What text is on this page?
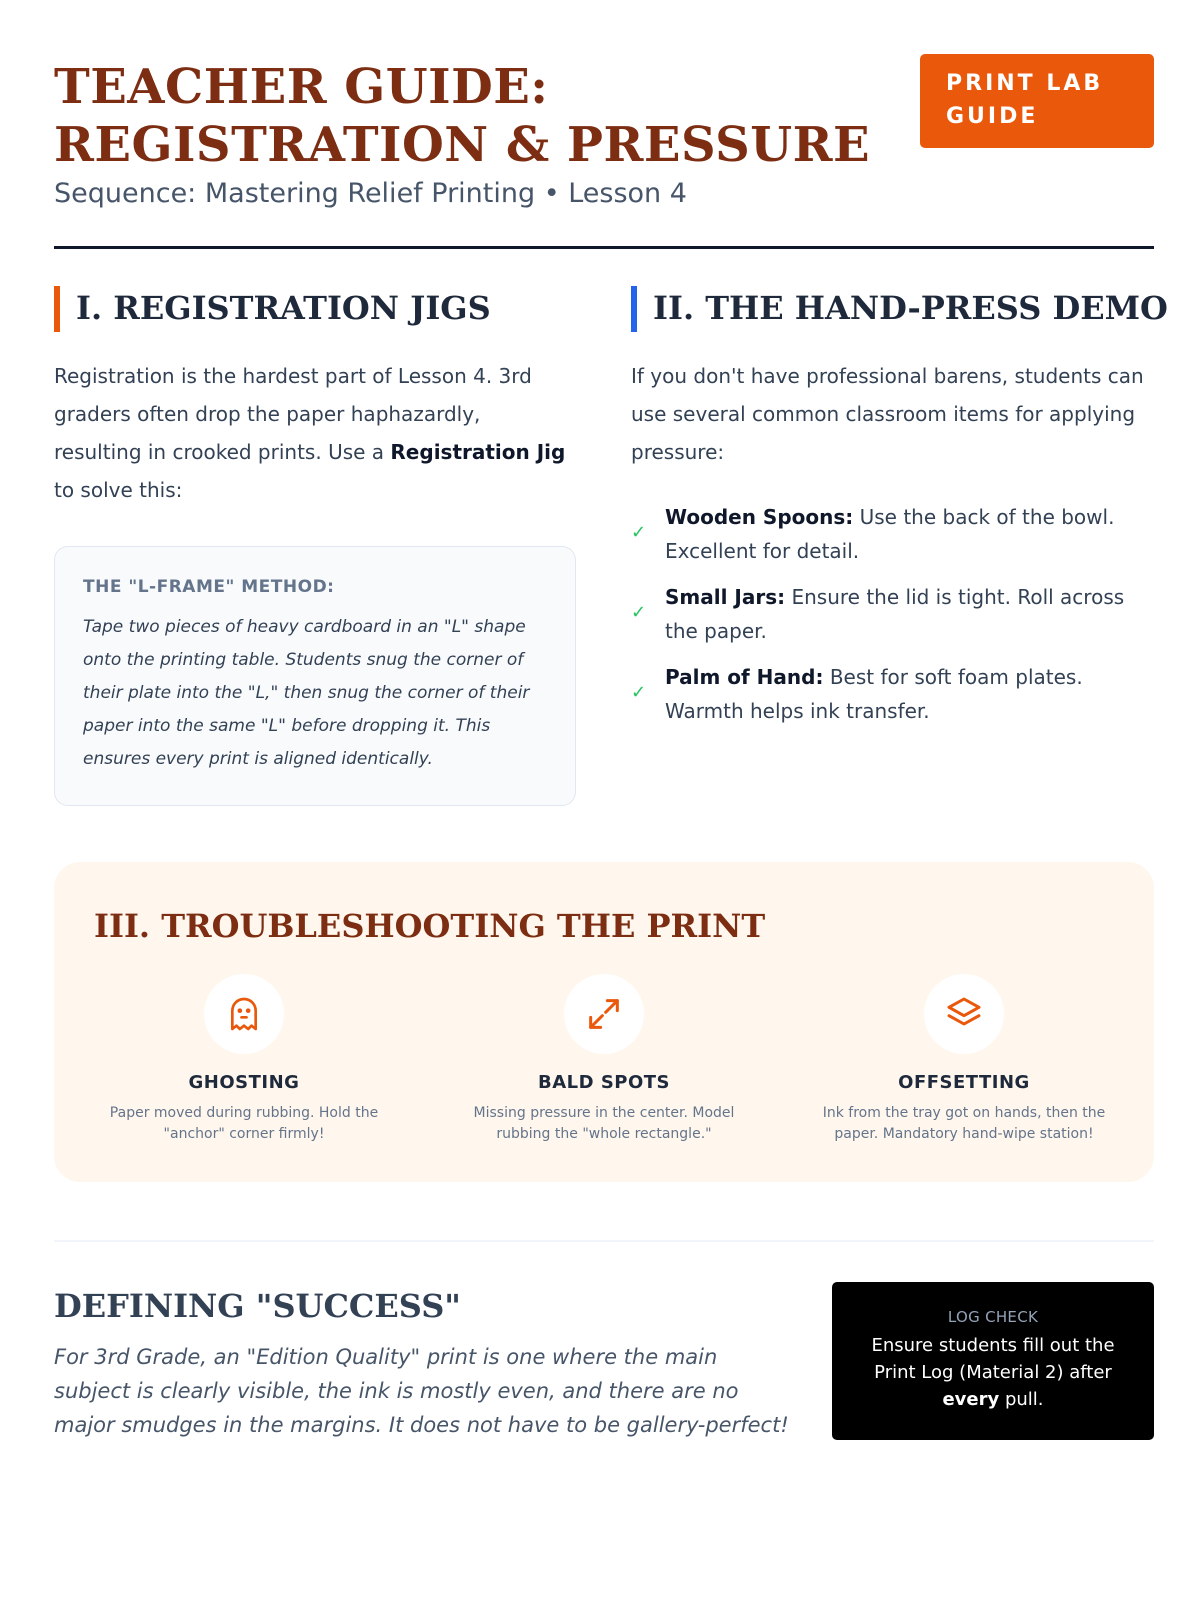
TEACHER GUIDE: REGISTRATION & PRESSURE
PRINT LAB GUIDE
Sequence: Mastering Relief Printing • Lesson 4
I. REGISTRATION JIGS

Registration is the hardest part of Lesson 4. 3rd graders often drop the paper haphazardly, resulting in crooked prints. Use a Registration Jig to solve this:

THE "L-FRAME" METHOD:
Tape two pieces of heavy cardboard in an "L" shape onto the printing table. Students snug the corner of their plate into the "L," then snug the corner of their paper into the same "L" before dropping it. This ensures every print is aligned identically.
II. THE HAND-PRESS DEMO

If you don't have professional barens, students can use several common classroom items for applying pressure:

✓
Wooden Spoons: Use the back of the bowl. Excellent for detail.
✓
Small Jars: Ensure the lid is tight. Roll across the paper.
✓
Palm of Hand: Best for soft foam plates. Warmth helps ink transfer.
III. TROUBLESHOOTING THE PRINT
GHOSTING
Paper moved during rubbing. Hold the "anchor" corner firmly!
BALD SPOTS
Missing pressure in the center. Model rubbing the "whole rectangle."
OFFSETTING
Ink from the tray got on hands, then the paper. Mandatory hand-wipe station!
DEFINING "SUCCESS"

For 3rd Grade, an "Edition Quality" print is one where the main subject is clearly visible, the ink is mostly even, and there are no major smudges in the margins. It does not have to be gallery-perfect!

LOG CHECK
Ensure students fill out the Print Log (Material 2) after every pull.
